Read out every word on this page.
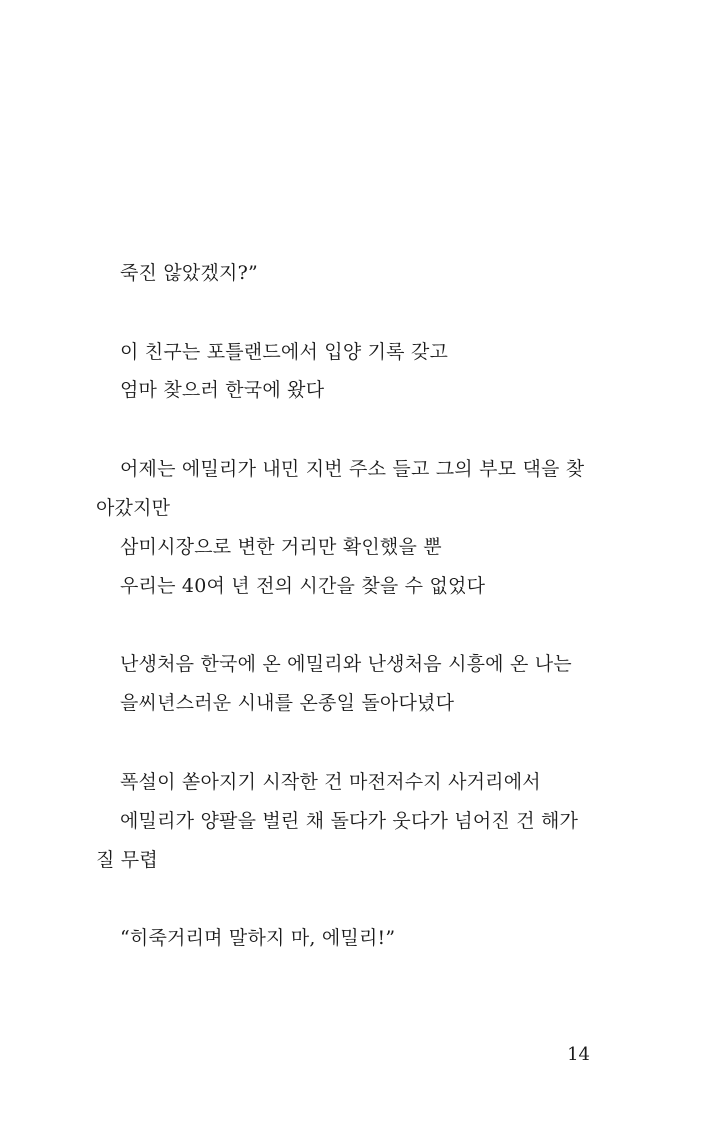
죽진 않았겠지?”
이 친구는 포틀랜드에서 입양 기록 갖고
엄마 찾으러 한국에 왔다
어제는 에밀리가 내민 지번 주소 들고 그의 부모 댁을 찾
아갔지만
삼미시장으로 변한 거리만 확인했을 뿐
우리는 40여 년 전의 시간을 찾을 수 없었다
난생처음 한국에 온 에밀리와 난생처음 시흥에 온 나는
을씨년스러운 시내를 온종일 돌아다녔다
폭설이 쏟아지기 시작한 건 마전저수지 사거리에서
에밀리가 양팔을 벌린 채 돌다가 웃다가 넘어진 건 해가
질 무렵
“히죽거리며 말하지 마, 에밀리!”
14
